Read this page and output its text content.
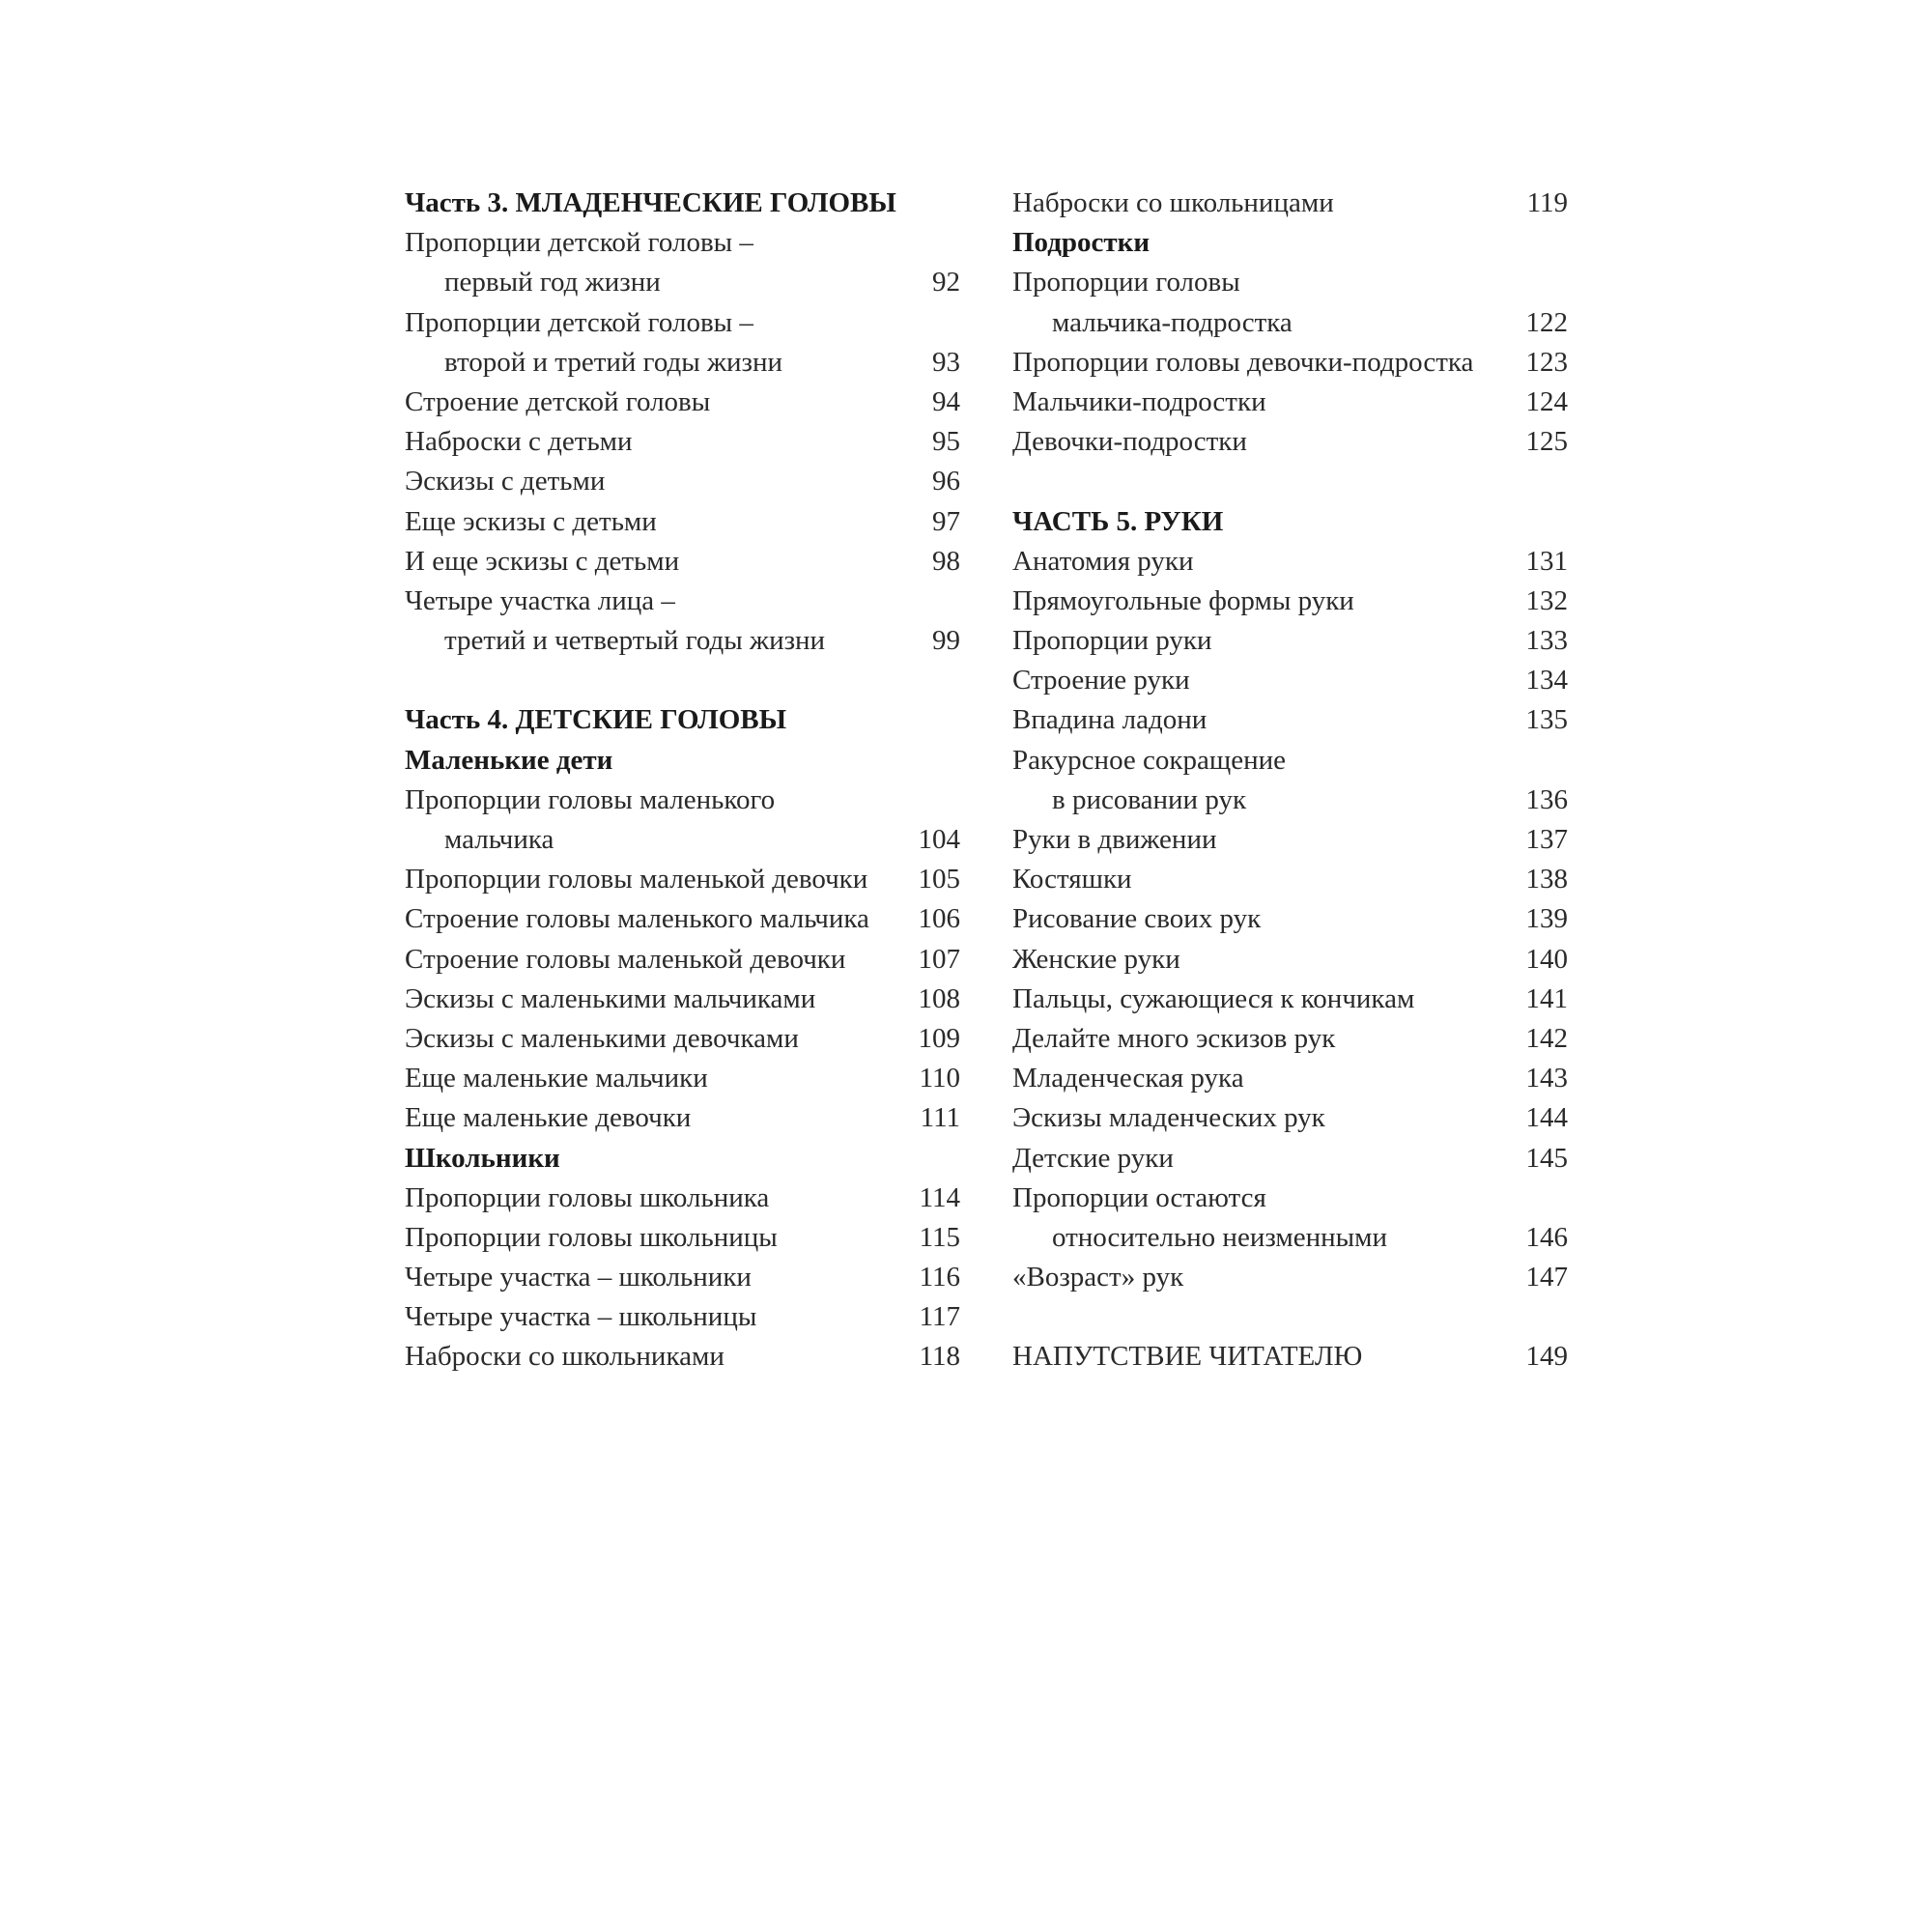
Часть 3. МЛАДЕНЧЕСКИЕ ГОЛОВЫ
Пропорции детской головы –
первый год жизни	92
Пропорции детской головы –
второй и третий годы жизни	93
Строение детской головы	94
Наброски с детьми	95
Эскизы с детьми	96
Еще эскизы с детьми	97
И еще эскизы с детьми	98
Четыре участка лица –
третий и четвертый годы жизни	99
Часть 4. ДЕТСКИЕ ГОЛОВЫ
Маленькие дети
Пропорции головы маленького
мальчика	104
Пропорции головы маленькой девочки 105
Строение головы маленького мальчика 106
Строение головы маленькой девочки	107
Эскизы с маленькими мальчиками	108
Эскизы с маленькими девочками	109
Еще маленькие мальчики	110
Еще маленькие девочки	111
Школьники
Пропорции головы школьника	114
Пропорции головы школьницы	115
Четыре участка – школьники	116
Четыре участка – школьницы	117
Наброски со школьниками	118
Наброски со школьницами	119
Подростки
Пропорции головы
мальчика-подростка	122
Пропорции головы девочки-подростка 123
Мальчики-подростки	124
Девочки-подростки	125
ЧАСТЬ 5. РУКИ
Анатомия руки	131
Прямоугольные формы руки	132
Пропорции руки	133
Строение руки	134
Впадина ладони	135
Ракурсное сокращение
в рисовании рук	136
Руки в движении	137
Костяшки	138
Рисование своих рук	139
Женские руки	140
Пальцы, сужающиеся к кончикам	141
Делайте много эскизов рук	142
Младенческая рука	143
Эскизы младенческих рук	144
Детские руки	145
Пропорции остаются
относительно неизменными	146
«Возраст» рук	147
НАПУТСТВИЕ ЧИТАТЕЛЮ	149
